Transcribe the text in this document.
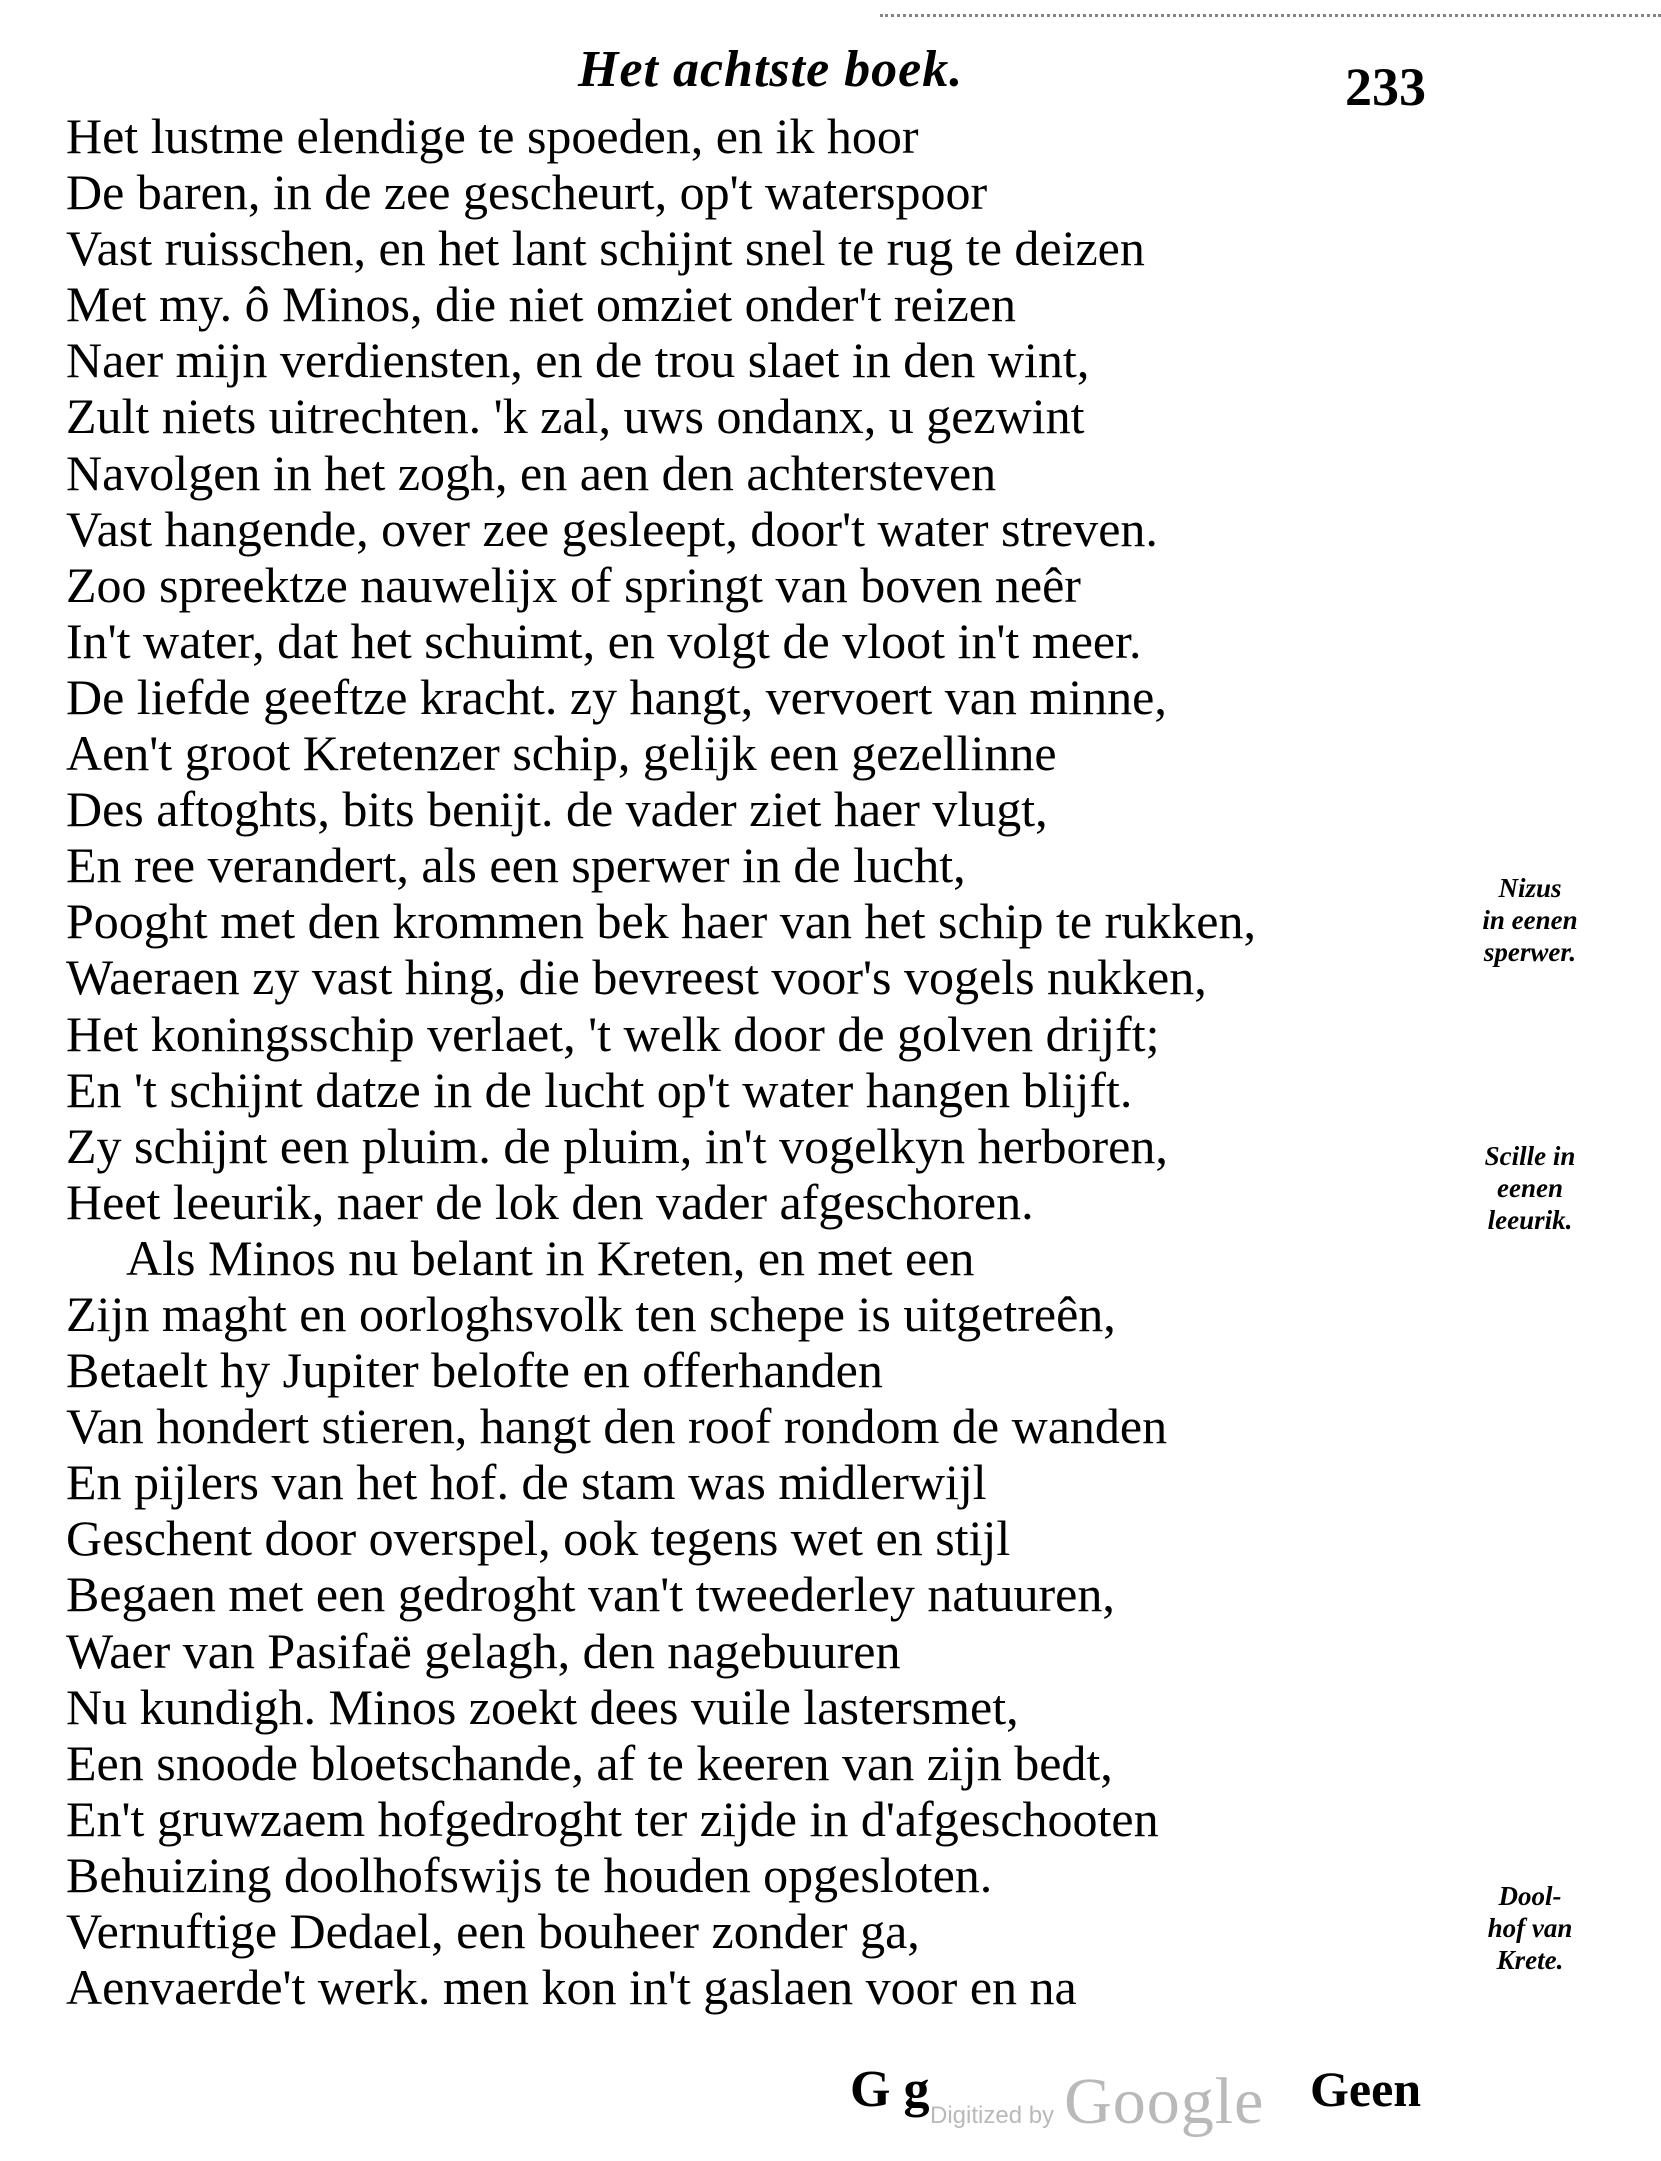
Het achtste boek.	233
Het lustme elendige te spoeden, en ik hoor
De baren, in de zee gescheurt, op't waterspoor
Vast ruisschen, en het lant schijnt snel te rug te deizen
Met my. ô Minos, die niet omziet onder't reizen
Naer mijn verdiensten, en de trou slaet in den wint,
Zult niets uitrechten. 'k zal, uws ondanx, u gezwint
Navolgen in het zogh, en aen den achtersteven
Vast hangende, over zee gesleept, door't water streven.
Zoo spreektze nauwelijx of springt van boven neêr
In't water, dat het schuimt, en volgt de vloot in't meer.
De liefde geeftze kracht. zy hangt, vervoert van minne,
Aen't groot Kretenzer schip, gelijk een gezellinne
Des aftoghts, bits benijt. de vader ziet haer vlugt,
En ree verandert, als een sperwer in de lucht,
Pooght met den krommen bek haer van het schip te rukken,
Waeraen zy vast hing, die bevreest voor's vogels nukken,
Het koningsschip verlaet, 't welk door de golven drijft;
En 't schijnt datze in de lucht op't water hangen blijft.
Zy schijnt een pluim. de pluim, in't vogelkyn herboren,
Heet leeurik, naer de lok den vader afgeschoren.
Als Minos nu belant in Kreten, en met een
Zijn maght en oorloghsvolk ten schepe is uitgetreên,
Betaelt hy Jupiter belofte en offerhanden
Van hondert stieren, hangt den roof rondom de wanden
En pijlers van het hof. de stam was midlerwijl
Geschent door overspel, ook tegens wet en stijl
Begaen met een gedroght van't tweederley natuuren,
Waer van Pasifaë gelagh, den nagebuuren
Nu kundigh. Minos zoekt dees vuile lastersmet,
Een snoode bloetschande, af te keeren van zijn bedt,
En't gruwzaem hofgedroght ter zijde in d'afgeschooten
Behuizing doolhofswijs te houden opgesloten.
Vernuftige Dedael, een bouheer zonder ga,
Aenvaerde't werk. men kon in't gaslaen voor en na
Nizus
in eenen
sperwer.
Scille in
eenen
leeurik.
Dool-
hof van
Krete.
G g Digitized by Google Geen
